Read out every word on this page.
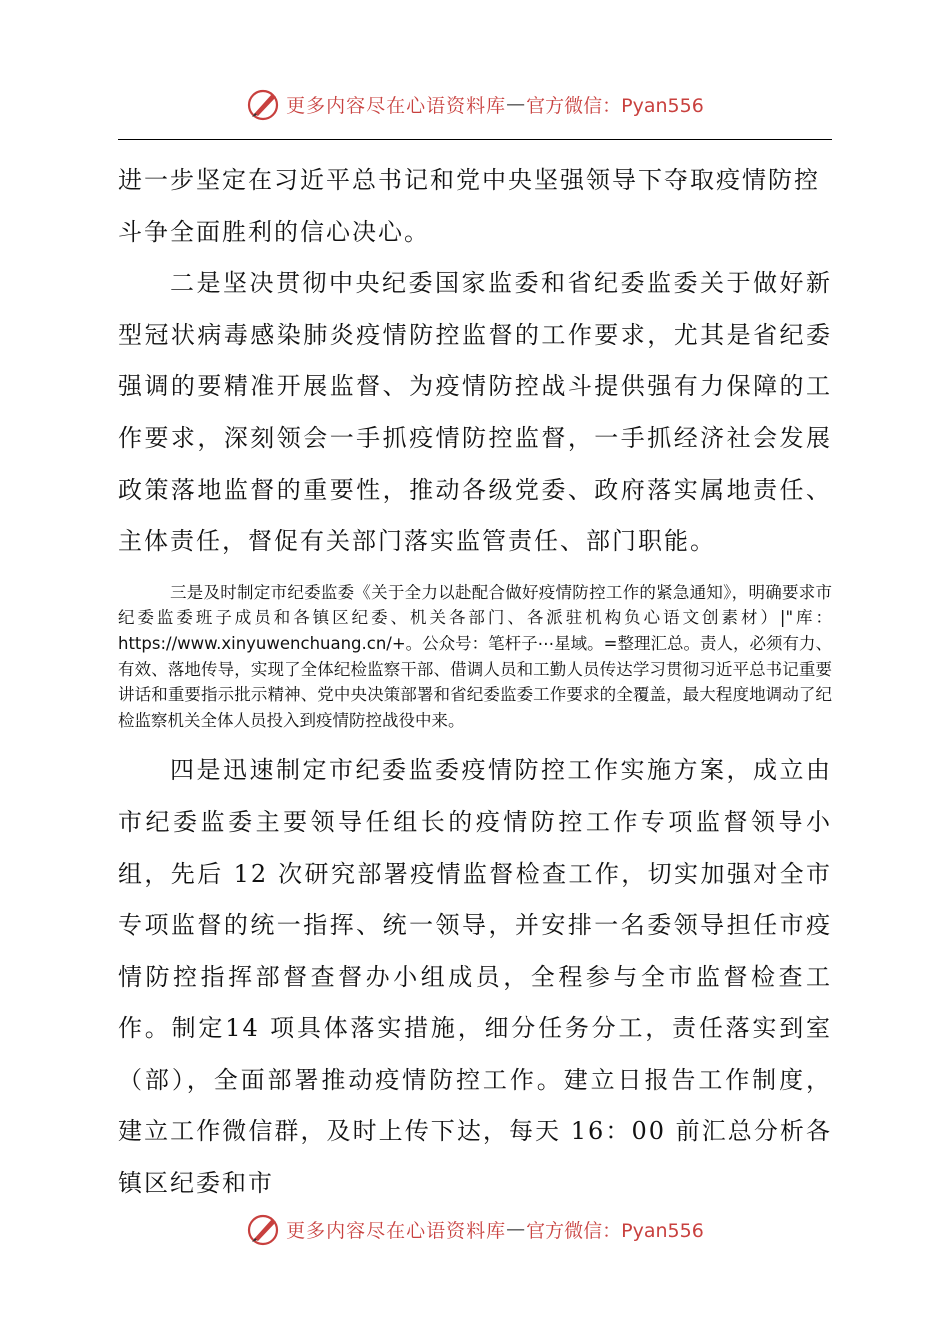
更多内容尽在心语资料库 — 官方微信：Pyan556

进一步坚定在习近平总书记和党中央坚强领导下夺取疫情防控
斗争全面胜利的信心决心。

二是坚决贯彻中央纪委国家监委和省纪委监委关于做好新型冠状病毒感染肺炎疫情防控监督的工作要求，尤其是省纪委强调的要精准开展监督、为疫情防控战斗提供强有力保障的工作要求，深刻领会一手抓疫情防控监督，一手抓经济社会发展政策落地监督的重要性，推动各级党委、政府落实属地责任、主体责任，督促有关部门落实监管责任、部门职能。

三是及时制定市纪委监委《关于全力以赴配合做好疫情防控工作的紧急通知》，明确要求市纪委监委班子成员和各镇区纪委、机关各部门、各派驻机构负心语文创素材）|"库：https://www.xinyuwenchuang.cn/+。公众号：笔杆子⋯星域。=整理汇总。责人，必须有力、有效、落地传导，实现了全体纪检监察干部、借调人员和工勤人员传达学习贯彻习近平总书记重要讲话和重要指示批示精神、党中央决策部署和省纪委监委工作要求的全覆盖，最大程度地调动了纪检监察机关全体人员投入到疫情防控战役中来。

四是迅速制定市纪委监委疫情防控工作实施方案，成立由市纪委监委主要领导任组长的疫情防控工作专项监督领导小组，先后 12 次研究部署疫情监督检查工作，切实加强对全市专项监督的统一指挥、统一领导，并安排一名委领导担任市疫情防控指挥部督查督办小组成员，全程参与全市监督检查工作。制定14 项具体落实措施，细分任务分工，责任落实到室（部），全面部署推动疫情防控工作。建立日报告工作制度，建立工作微信群，及时上传下达，每天 16：00 前汇总分析各镇区纪委和市

更多内容尽在心语资料库 — 官方微信：Pyan556
